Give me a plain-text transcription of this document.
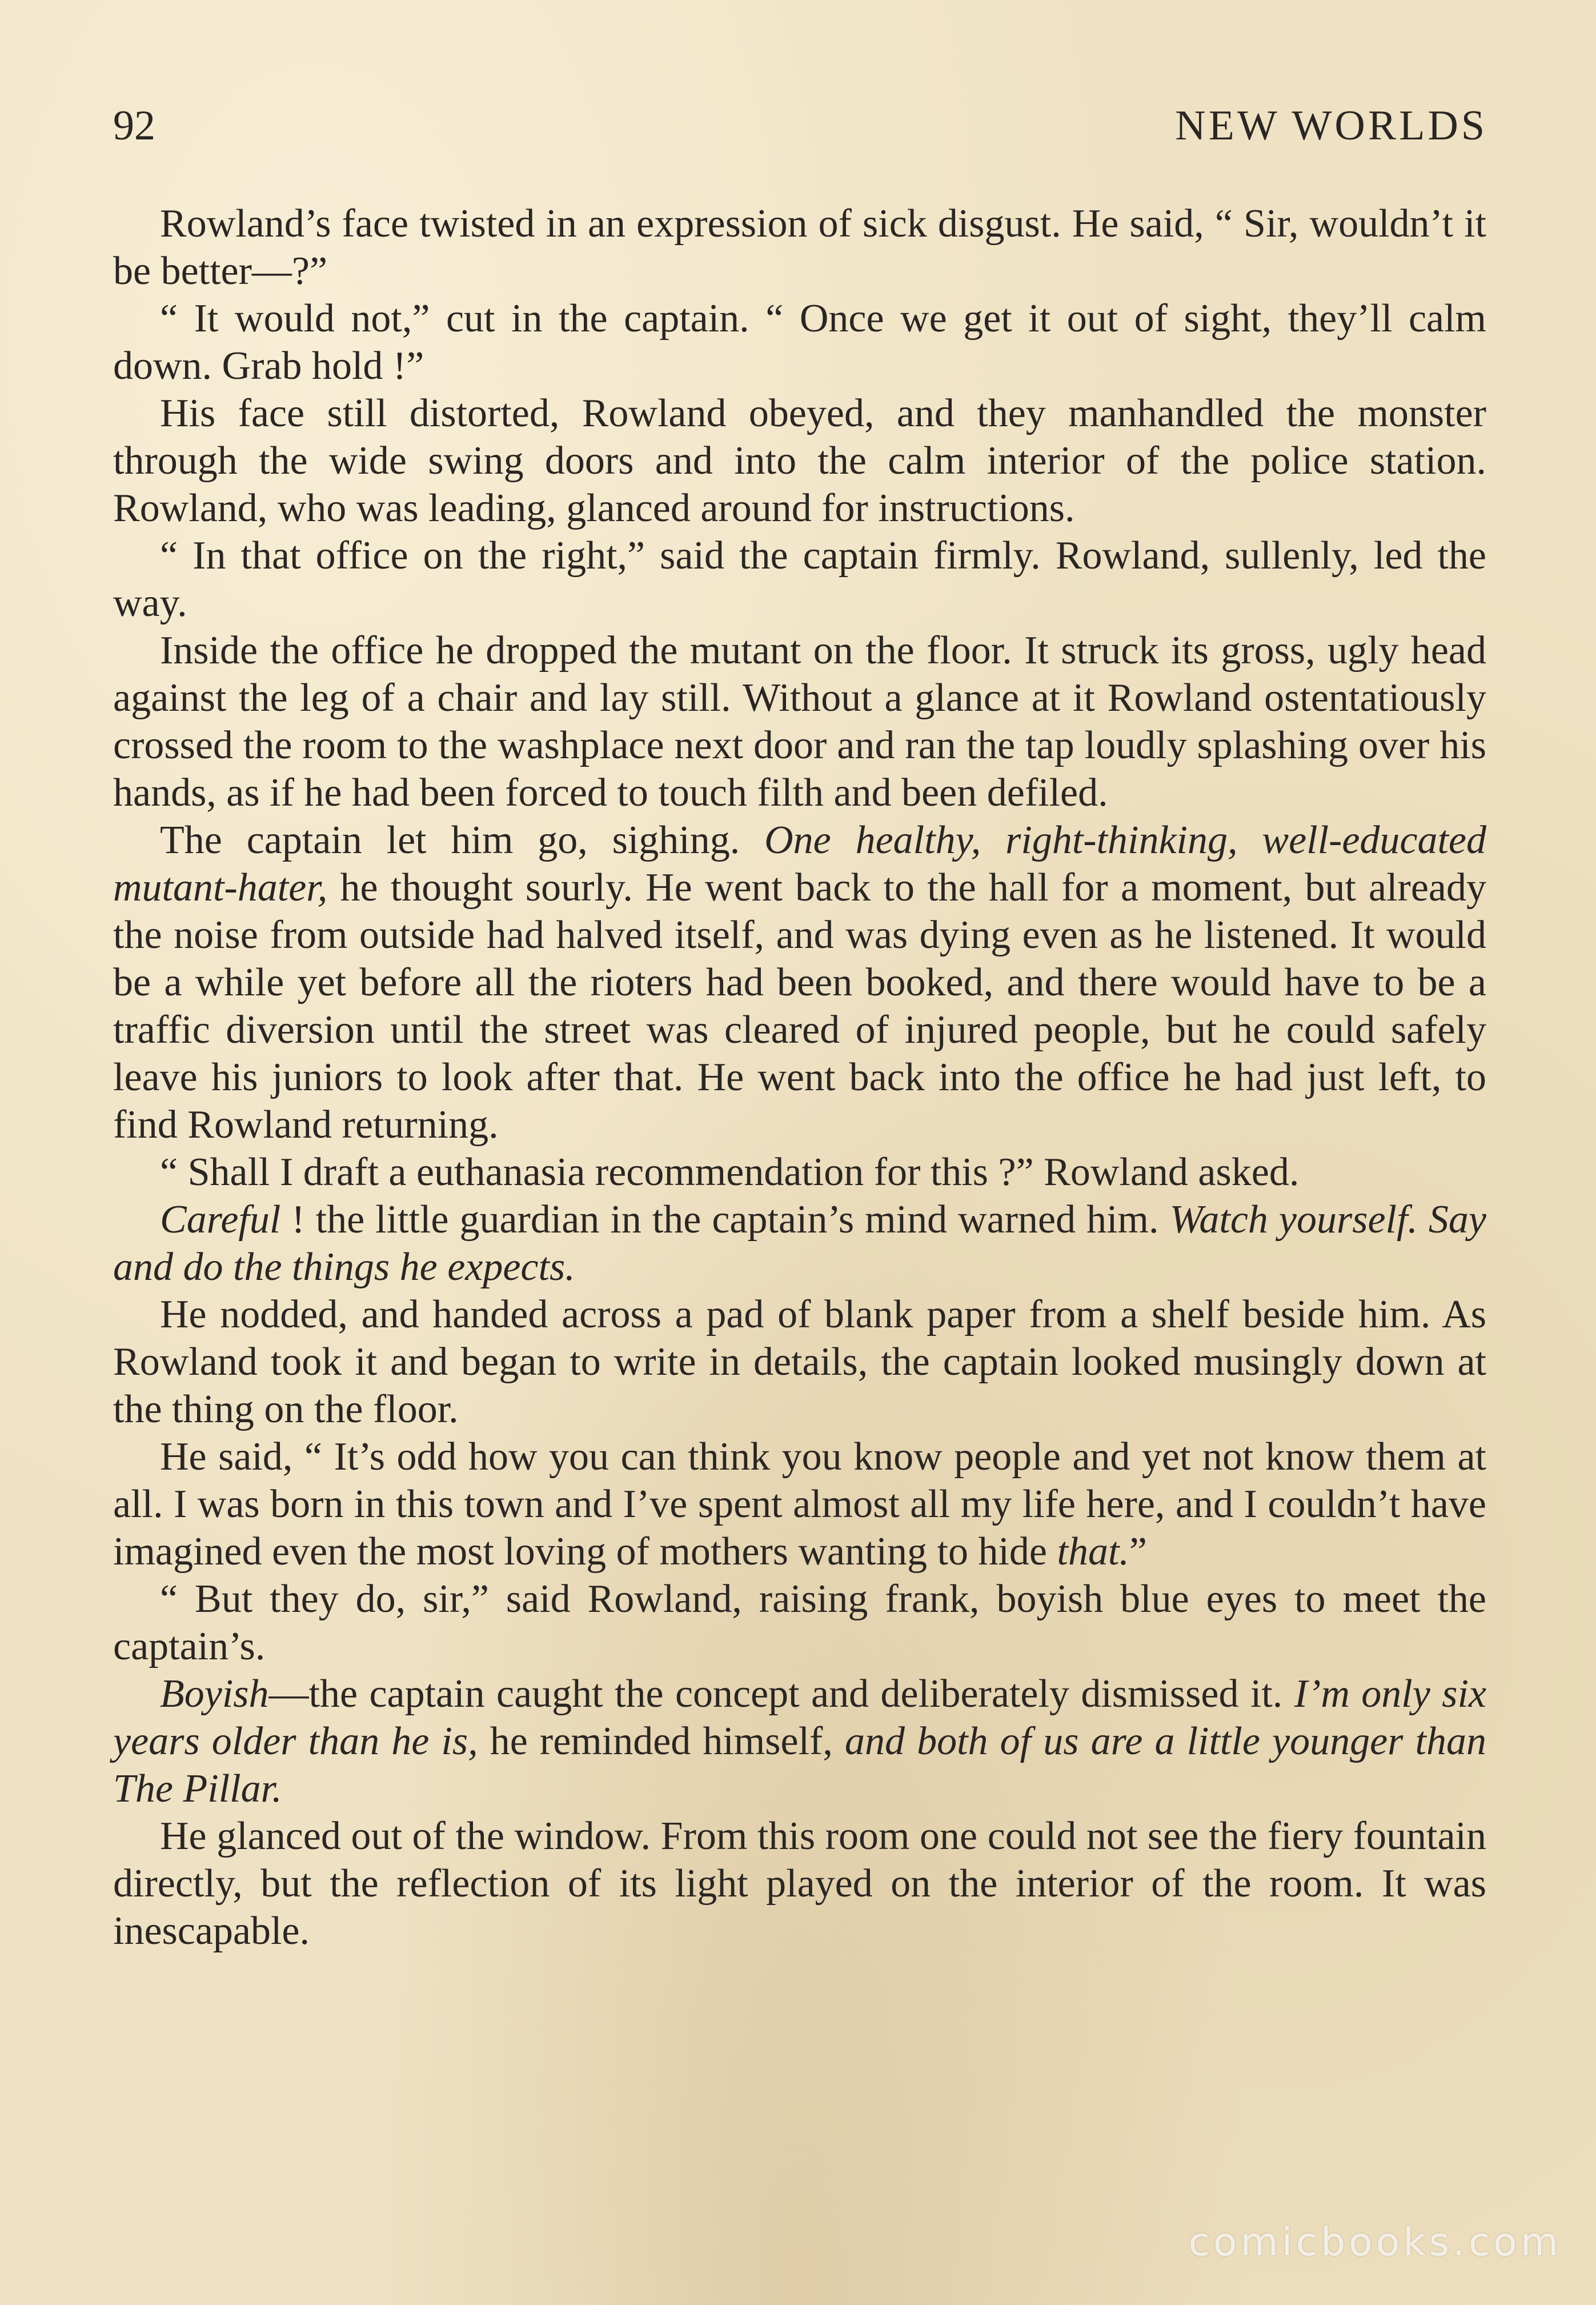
92	NEW WORLDS

Rowland’s face twisted in an expression of sick disgust. He said, “ Sir, wouldn’t it be better—?”

“ It would not,” cut in the captain. “ Once we get it out of sight, they’ll calm down. Grab hold !”

His face still distorted, Rowland obeyed, and they manhandled the monster through the wide swing doors and into the calm interior of the police station. Rowland, who was leading, glanced around for instructions.

“ In that office on the right,” said the captain firmly. Rowland, sullenly, led the way.

Inside the office he dropped the mutant on the floor. It struck its gross, ugly head against the leg of a chair and lay still. Without a glance at it Rowland ostentatiously crossed the room to the washplace next door and ran the tap loudly splashing over his hands, as if he had been forced to touch filth and been defiled.

The captain let him go, sighing. One healthy, right-thinking, well-educated mutant-hater, he thought sourly. He went back to the hall for a moment, but already the noise from outside had halved itself, and was dying even as he listened. It would be a while yet before all the rioters had been booked, and there would have to be a traffic diversion until the street was cleared of injured people, but he could safely leave his juniors to look after that. He went back into the office he had just left, to find Rowland returning.

“ Shall I draft a euthanasia recommendation for this ?” Rowland asked.

Careful ! the little guardian in the captain’s mind warned him. Watch yourself. Say and do the things he expects.

He nodded, and handed across a pad of blank paper from a shelf beside him. As Rowland took it and began to write in details, the captain looked musingly down at the thing on the floor.

He said, “ It’s odd how you can think you know people and yet not know them at all. I was born in this town and I’ve spent almost all my life here, and I couldn’t have imagined even the most loving of mothers wanting to hide that.”

“ But they do, sir,” said Rowland, raising frank, boyish blue eyes to meet the captain’s.

Boyish—the captain caught the concept and deliberately dismissed it. I’m only six years older than he is, he reminded himself, and both of us are a little younger than The Pillar.

He glanced out of the window. From this room one could not see the fiery fountain directly, but the reflection of its light played on the interior of the room. It was inescapable.

comicbooks.com
